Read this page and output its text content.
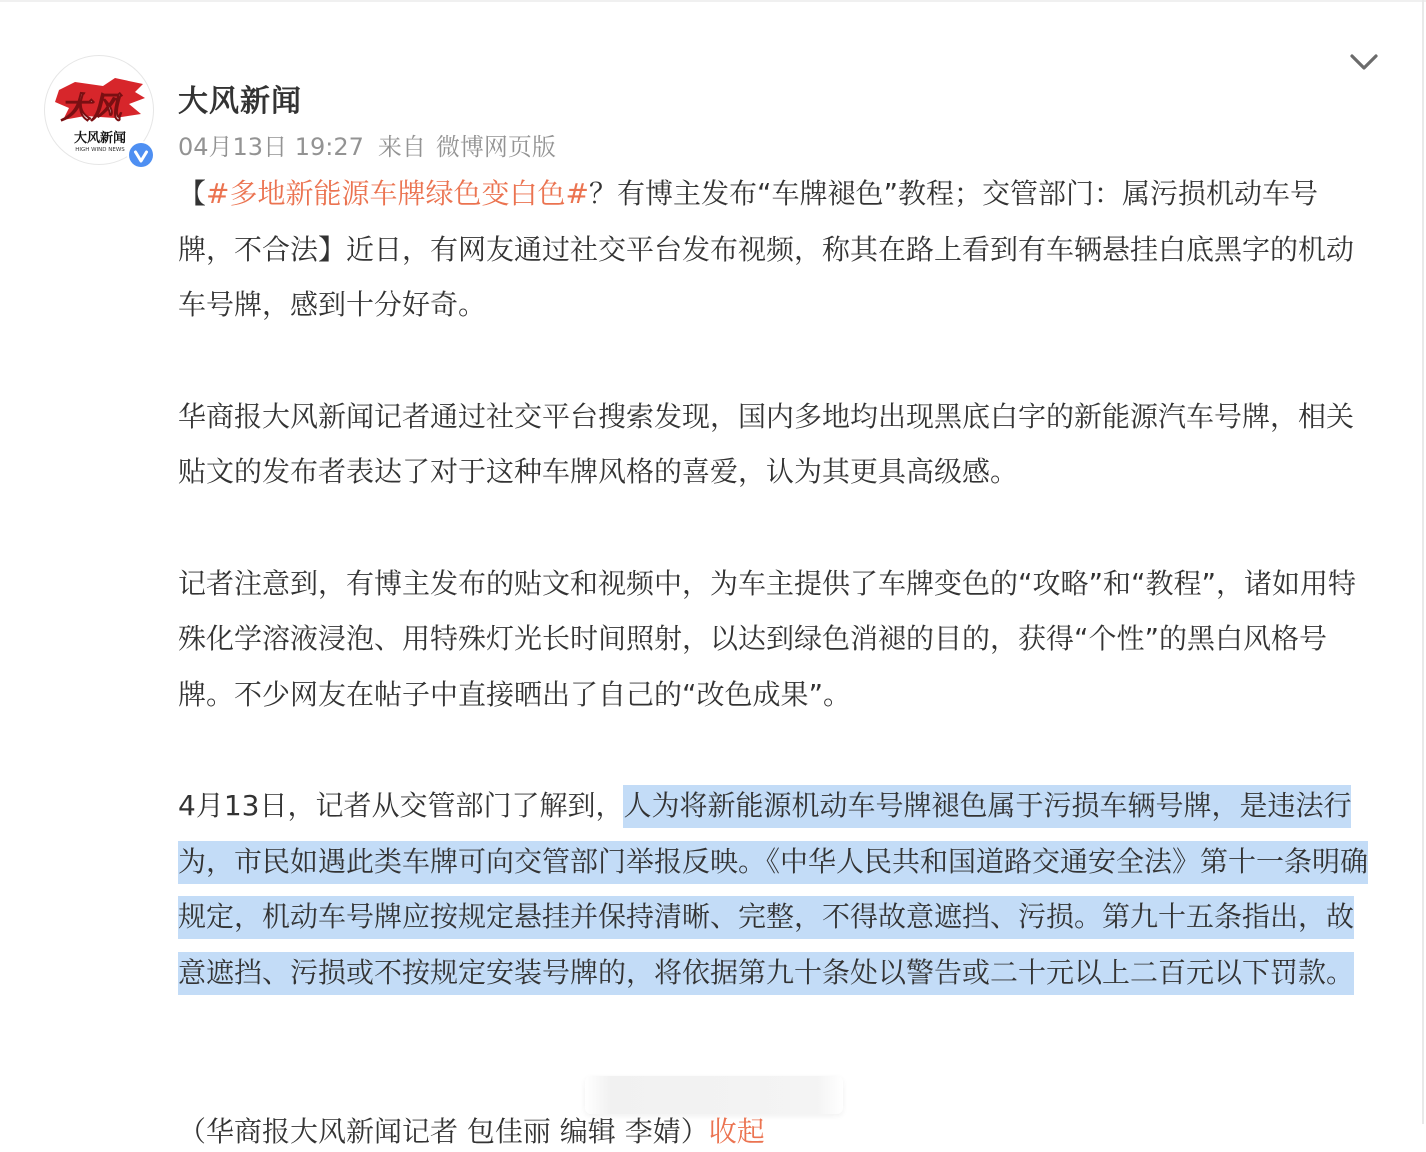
大风
大风新闻
HIGH WIND NEWS
大风新闻
04月13日 19:27 来自 微博网页版

【#多地新能源车牌绿色变白色#？有博主发布“车牌褪色”教程；交管部门：属污损机动车号牌，不合法】近日，有网友通过社交平台发布视频，称其在路上看到有车辆悬挂白底黑字的机动车号牌，感到十分好奇。

华商报大风新闻记者通过社交平台搜索发现，国内多地均出现黑底白字的新能源汽车号牌，相关贴文的发布者表达了对于这种车牌风格的喜爱，认为其更具高级感。

记者注意到，有博主发布的贴文和视频中，为车主提供了车牌变色的“攻略”和“教程”，诸如用特殊化学溶液浸泡、用特殊灯光长时间照射，以达到绿色消褪的目的，获得“个性”的黑白风格号牌。不少网友在帖子中直接晒出了自己的“改色成果”。

4月13日，记者从交管部门了解到，人为将新能源机动车号牌褪色属于污损车辆号牌，是违法行为，市民如遇此类车牌可向交管部门举报反映。《中华人民共和国道路交通安全法》第十一条明确规定，机动车号牌应按规定悬挂并保持清晰、完整，不得故意遮挡、污损。第九十五条指出，故意遮挡、污损或不按规定安装号牌的，将依据第九十条处以警告或二十元以上二百元以下罚款。

（华商报大风新闻记者 包佳丽 编辑 李婧）收起
